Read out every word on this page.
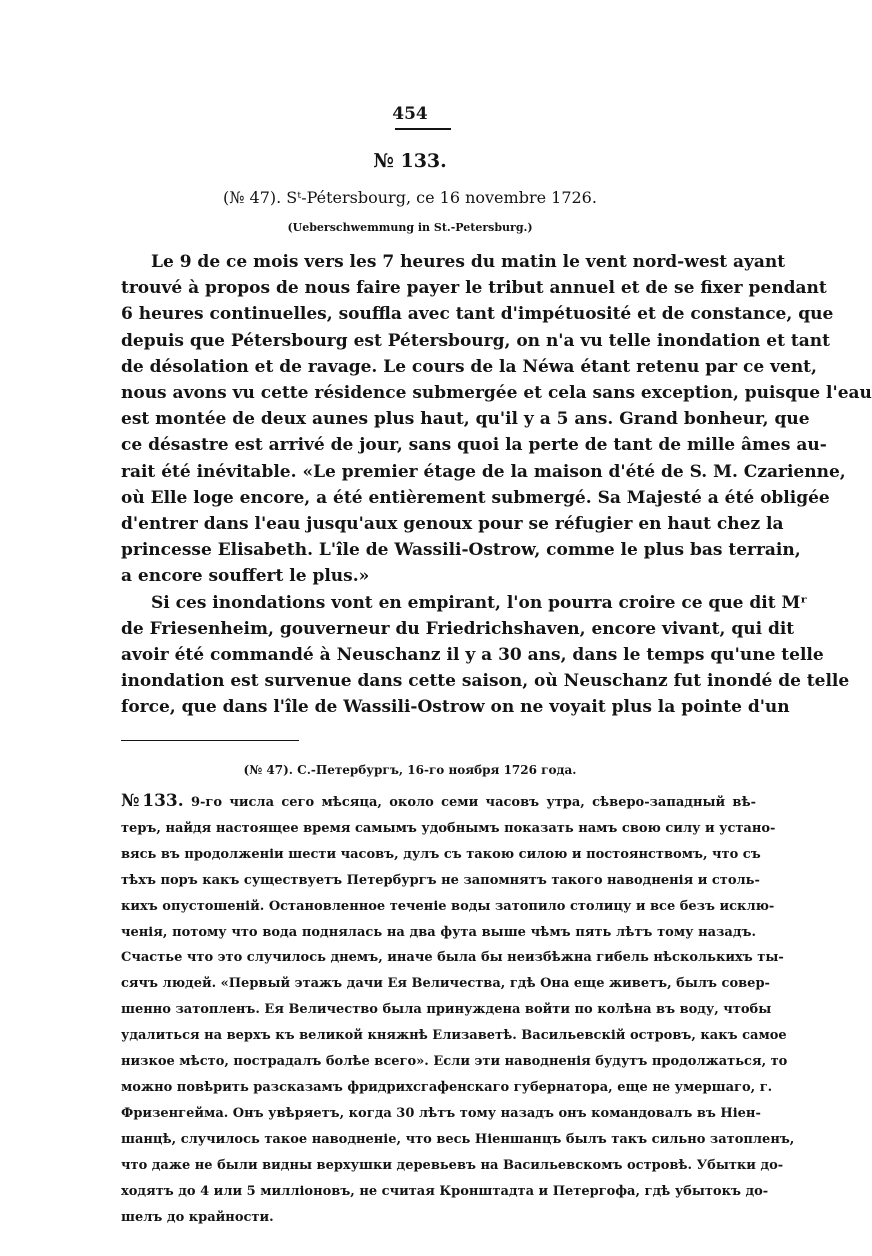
454
№ 133.
(№ 47). Sᵗ-Pétersbourg, ce 16 novembre 1726.
(Ueberschwemmung in St.-Petersburg.)

Le 9 de ce mois vers les 7 heures du matin le vent nord-west ayant
trouvé à propos de nous faire payer le tribut annuel et de se fixer pendant
6 heures continuelles, souffla avec tant d'impétuosité et de constance, que
depuis que Pétersbourg est Pétersbourg, on n'a vu telle inondation et tant
de désolation et de ravage. Le cours de la Néwa étant retenu par ce vent,
nous avons vu cette résidence submergée et cela sans exception, puisque l'eau
est montée de deux aunes plus haut, qu'il y a 5 ans. Grand bonheur, que
ce désastre est arrivé de jour, sans quoi la perte de tant de mille âmes au-
rait été inévitable. «Le premier étage de la maison d'été de S. M. Czarienne,
où Elle loge encore, a été entièrement submergé. Sa Majesté a été obligée
d'entrer dans l'eau jusqu'aux genoux pour se réfugier en haut chez la
princesse Elisabeth. L'île de Wassili-Ostrow, comme le plus bas terrain,
a encore souffert le plus.»

Si ces inondations vont en empirant, l'on pourra croire ce que dit Mʳ
de Friesenheim, gouverneur du Friedrichshaven, encore vivant, qui dit
avoir été commandé à Neuschanz il y a 30 ans, dans le temps qu'une telle
inondation est survenue dans cette saison, où Neuschanz fut inondé de telle
force, que dans l'île de Wassili-Ostrow on ne voyait plus la pointe d'un

(№ 47). С.-Петербургъ, 16-го ноября 1726 года.
№133. 9-го числа сего мѣсяца, около семи часовъ утра, сѣверо-западный вѣ-
теръ, найдя настоящее время самымъ удобнымъ показать намъ свою силу и устано-
вясь въ продолженіи шести часовъ, дулъ съ такою силою и постоянствомъ, что съ
тѣхъ поръ какъ существуетъ Петербургъ не запомнятъ такого наводненія и столь-
кихъ опустошеній. Остановленное теченіе воды затопило столицу и все безъ исклю-
ченія, потому что вода поднялась на два фута выше чѣмъ пять лѣтъ тому назадъ.
Счастье что это случилось днемъ, иначе была бы неизбѣжна гибель нѣсколькихъ ты-
сячъ людей. «Первый этажъ дачи Ея Величества, гдѣ Она еще живетъ, былъ совер-
шенно затопленъ. Ея Величество была принуждена войти по колѣна въ воду, чтобы
удалиться на верхъ къ великой княжнѣ Елизаветѣ. Васильевскій островъ, какъ самое
низкое мѣсто, пострадалъ болѣе всего». Если эти наводненія будутъ продолжаться, то
можно повѣрить разсказамъ фридрихсгафенскаго губернатора, еще не умершаго, г.
Фризенгейма. Онъ увѣряетъ, когда 30 лѣтъ тому назадъ онъ командовалъ въ Ніен-
шанцѣ, случилось такое наводненіе, что весь Ніеншанцъ былъ такъ сильно затопленъ,
что даже не были видны верхушки деревьевъ на Васильевскомъ островѣ. Убытки до-
ходятъ до 4 или 5 милліоновъ, не считая Кронштадта и Петергофа, гдѣ убытокъ до-
шелъ до крайности.
